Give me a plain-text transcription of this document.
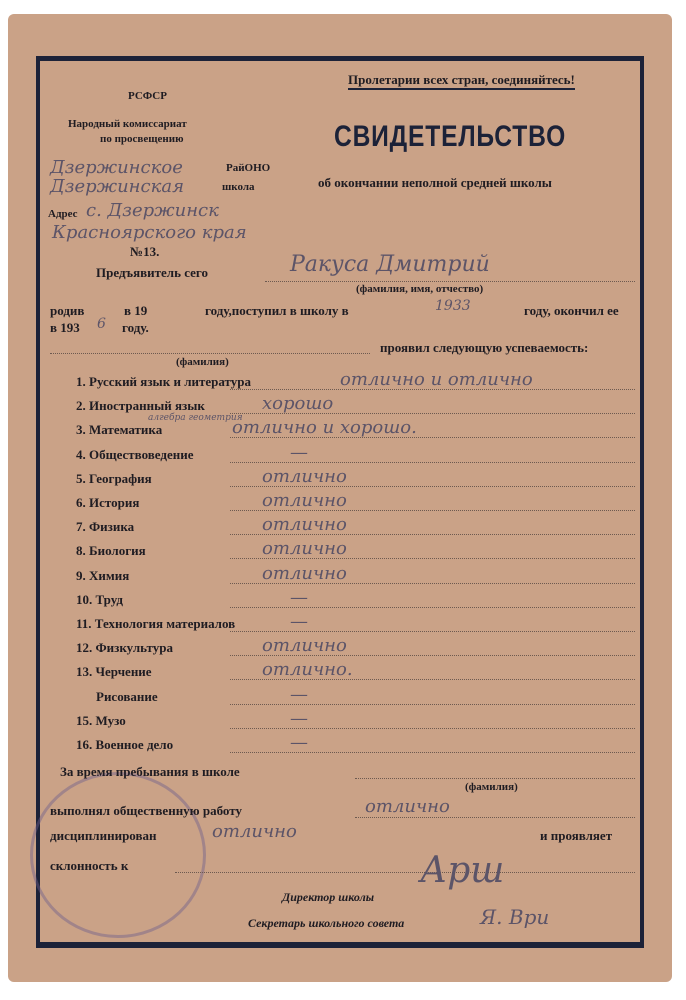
Пролетарии всех стран, соединяйтесь!
РСФСР
Народный комиссариат
по просвещению
Дзержинское	РайОНО
Дзержинская	школа
Адрес с. Дзержинск
Красноярского края
№13.
СВИДЕТЕЛЬСТВО
об окончании неполной средней школы
Предъявитель сего	Ракуса Дмитрий
(фамилия, имя, отчество)
родив	в 19	году,поступил в школу в	1933	году, окончил ее
в 193 6 году.
проявил следующую успеваемость:
(фамилия)
1. Русский язык и литература	отлично и отлично
2. Иностранный язык	хорошо
3. Математика	отлично и хорошо.
алгебра геометрия
4. Обществоведение	—
5. География	отлично
6. История	отлично
7. Физика	отлично
8. Биология	отлично
9. Химия	отлично
10. Труд	—
11. Технология материалов	—
12. Физкультура	отлично
13. Черчение	отлично.
Рисование	—
15. Музо	—
16. Военное дело	—
За время пребывания в школе
(фамилия)
выполнял общественную работу	отлично
дисциплинирован	отлично	и проявляет
склонность к
Директор школы
Арш
Секретарь школьного совета	Я. Ври
